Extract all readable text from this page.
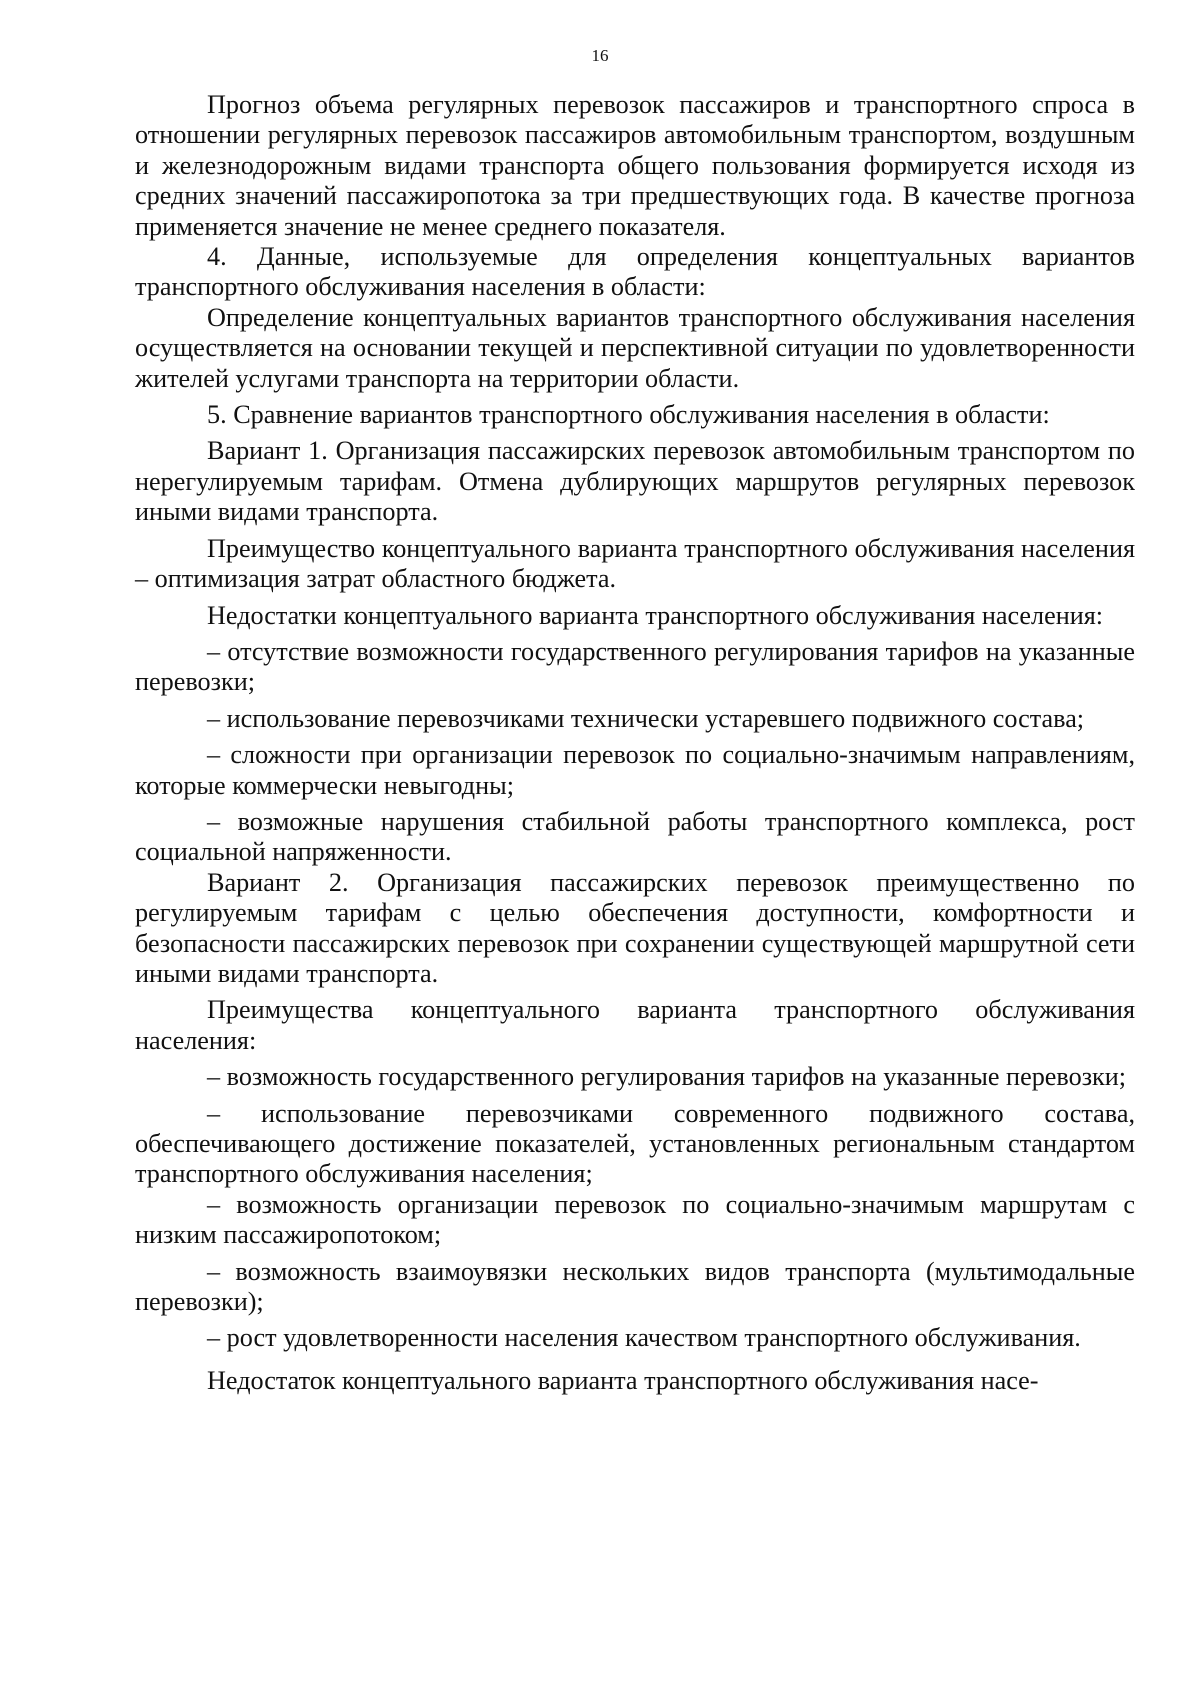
16

Прогноз объема регулярных перевозок пассажиров и транспортного спроса в отношении регулярных перевозок пассажиров автомобильным транспортом, воздушным и железнодорожным видами транспорта общего пользования формируется исходя из средних значений пассажиропотока за три предшествующих года. В качестве прогноза применяется значение не менее среднего показателя.

4. Данные, используемые для определения концептуальных вариантов транспортного обслуживания населения в области:

Определение концептуальных вариантов транспортного обслуживания населения осуществляется на основании текущей и перспективной ситуации по удовлетворенности жителей услугами транспорта на территории области.

5. Сравнение вариантов транспортного обслуживания населения в области:

Вариант 1. Организация пассажирских перевозок автомобильным транспортом по нерегулируемым тарифам. Отмена дублирующих маршрутов регулярных перевозок иными видами транспорта.

Преимущество концептуального варианта транспортного обслуживания населения – оптимизация затрат областного бюджета.

Недостатки концептуального варианта транспортного обслуживания населения:

– отсутствие возможности государственного регулирования тарифов на указанные перевозки;

– использование перевозчиками технически устаревшего подвижного состава;

– сложности при организации перевозок по социально-значимым направлениям, которые коммерчески невыгодны;

– возможные нарушения стабильной работы транспортного комплекса, рост социальной напряженности.

Вариант 2. Организация пассажирских перевозок преимущественно по регулируемым тарифам с целью обеспечения доступности, комфортности и безопасности пассажирских перевозок при сохранении существующей маршрутной сети иными видами транспорта.

Преимущества концептуального варианта транспортного обслуживания населения:

– возможность государственного регулирования тарифов на указанные перевозки;

– использование перевозчиками современного подвижного состава, обеспечивающего достижение показателей, установленных региональным стандартом транспортного обслуживания населения;

– возможность организации перевозок по социально-значимым маршрутам с низким пассажиропотоком;

– возможность взаимоувязки нескольких видов транспорта (мультимодальные перевозки);

– рост удовлетворенности населения качеством транспортного обслуживания.

Недостаток концептуального варианта транспортного обслуживания насе-
